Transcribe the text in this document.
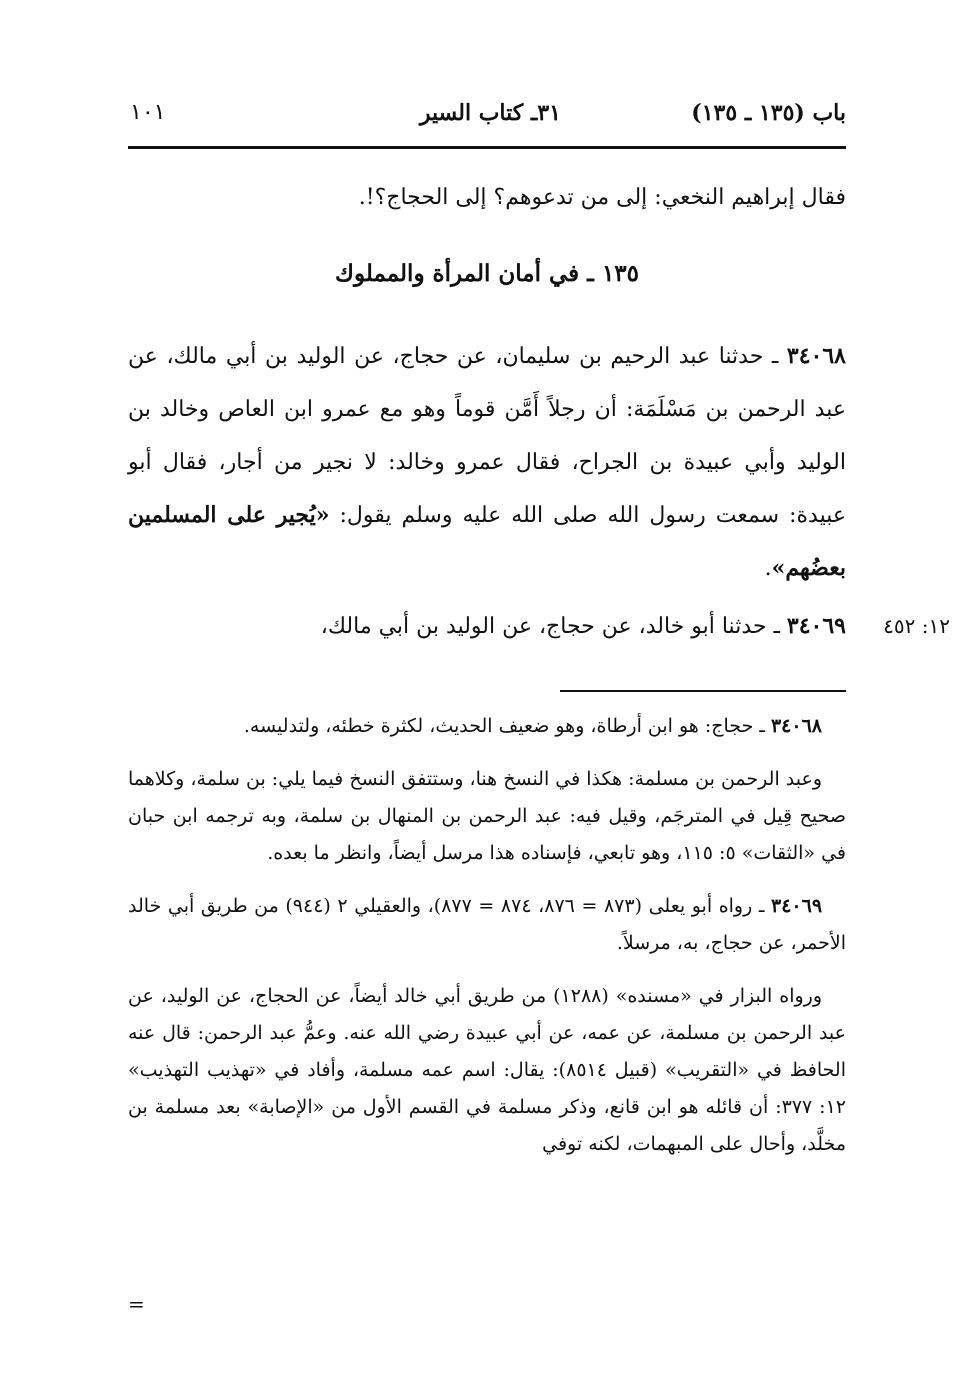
باب (١٣٥ ـ ١٣٥)
٣١ـ كتاب السير
١٠١
فقال إبراهيم النخعي: إلى من تدعوهم؟ إلى الحجاج؟!.
١٣٥ ـ في أمان المرأة والمملوك
٣٤٠٦٨ ـ حدثنا عبد الرحيم بن سليمان، عن حجاج، عن الوليد بن أبي مالك، عن عبد الرحمن بن مَسْلَمَة: أن رجلاً أَمَّن قوماً وهو مع عمرو ابن العاص وخالد بن الوليد وأبي عبيدة بن الجراح، فقال عمرو وخالد: لا نجير من أجار، فقال أبو عبيدة: سمعت رسول الله صلى الله عليه وسلم يقول: «يُجير على المسلمين بعضُهم».
٣٤٠٦٩ ـ حدثنا أبو خالد، عن حجاج، عن الوليد بن أبي مالك،	١٢: ٤٥٢

٣٤٠٦٨ ـ حجاج: هو ابن أرطاة، وهو ضعيف الحديث، لكثرة خطئه، ولتدليسه.

وعبد الرحمن بن مسلمة: هكذا في النسخ هنا، وستتفق النسخ فيما يلي: بن سلمة، وكلاهما صحيح قِيل في المترجَم، وقيل فيه: عبد الرحمن بن المنهال بن سلمة، وبه ترجمه ابن حبان في «الثقات» ٥: ١١٥، وهو تابعي، فإسناده هذا مرسل أيضاً، وانظر ما بعده.

٣٤٠٦٩ ـ رواه أبو يعلى (٨٧٣ = ٨٧٦، ٨٧٤ = ٨٧٧)، والعقيلي ٢ (٩٤٤) من طريق أبي خالد الأحمر، عن حجاج، به، مرسلاً.

ورواه البزار في «مسنده» (١٢٨٨) من طريق أبي خالد أيضاً، عن الحجاج، عن الوليد، عن عبد الرحمن بن مسلمة، عن عمه، عن أبي عبيدة رضي الله عنه. وعمُّ عبد الرحمن: قال عنه الحافظ في «التقريب» (قبيل ٨٥١٤): يقال: اسم عمه مسلمة، وأفاد في «تهذيب التهذيب» ١٢: ٣٧٧: أن قائله هو ابن قانع، وذكر مسلمة في القسم الأول من «الإصابة» بعد مسلمة بن مخلَّد، وأحال على المبهمات، لكنه توفي

=
